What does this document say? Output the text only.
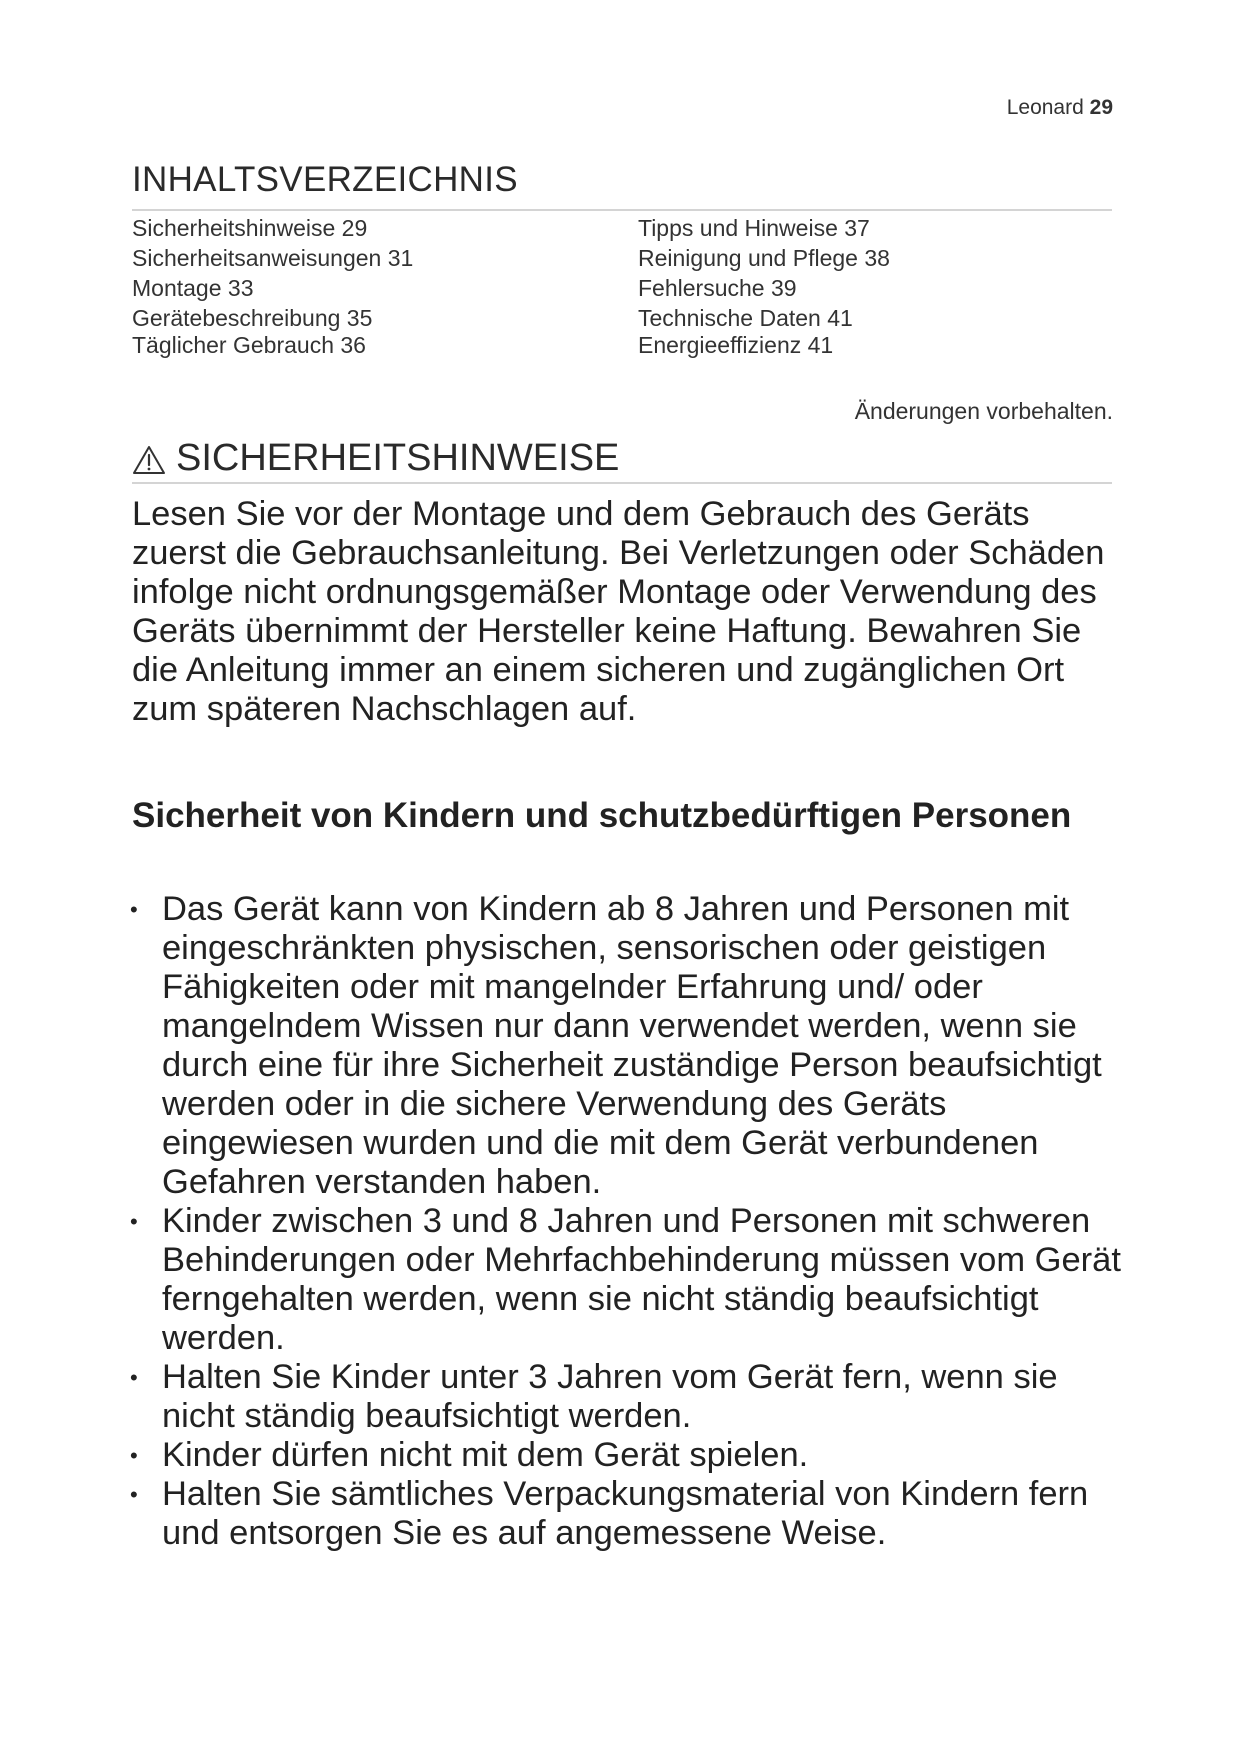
Leonard 29
INHALTSVERZEICHNIS
Sicherheitshinweise 29
Sicherheitsanweisungen 31
Montage 33
Gerätebeschreibung 35
Täglicher Gebrauch 36
Tipps und Hinweise 37
Reinigung und Pflege 38
Fehlersuche 39
Technische Daten 41
Energieeffizienz 41
Änderungen vorbehalten.
SICHERHEITSHINWEISE

Lesen Sie vor der Montage und dem Gebrauch des Geräts zuerst die Gebrauchsanleitung. Bei Verletzungen oder Schäden infolge nicht ordnungsgemäßer Montage oder Verwendung des Geräts übernimmt der Hersteller keine Haftung. Bewahren Sie die Anleitung immer an einem sicheren und zugänglichen Ort zum späteren Nachschlagen auf.

Sicherheit von Kindern und schutzbedürftigen Personen
• Das Gerät kann von Kindern ab 8 Jahren und Personen mit eingeschränkten physischen, sensorischen oder geistigen Fähigkeiten oder mit mangelnder Erfahrung und/ oder mangelndem Wissen nur dann verwendet werden, wenn sie durch eine für ihre Sicherheit zuständige Person beaufsichtigt werden oder in die sichere Verwendung des Geräts eingewiesen wurden und die mit dem Gerät verbundenen Gefahren verstanden haben.
• Kinder zwischen 3 und 8 Jahren und Personen mit schweren Behinderungen oder Mehrfachbehinderung müssen vom Gerät ferngehalten werden, wenn sie nicht ständig beaufsichtigt werden.
• Halten Sie Kinder unter 3 Jahren vom Gerät fern, wenn sie nicht ständig beaufsichtigt werden.
• Kinder dürfen nicht mit dem Gerät spielen.
• Halten Sie sämtliches Verpackungsmaterial von Kindern fern und entsorgen Sie es auf angemessene Weise.
